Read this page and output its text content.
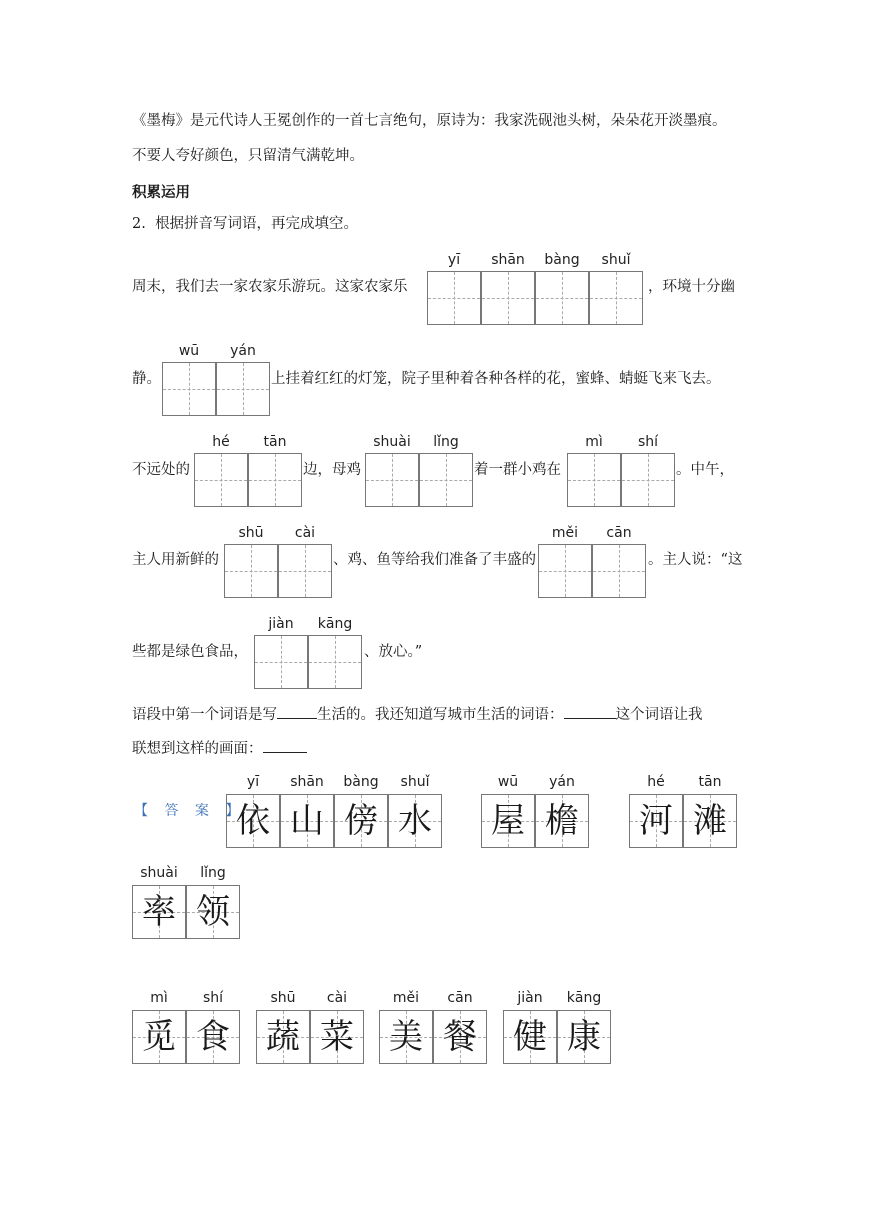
《墨梅》是元代诗人王冕创作的一首七言绝句，原诗为：我家洗砚池头树，朵朵花开淡墨痕。
不要人夸好颜色，只留清气满乾坤。
积累运用
2. 根据拼音写词语，再完成填空。
周末，我们去一家农家乐游玩。这家农家乐
yī	shān	bàng	shuǐ
，环境十分幽
静。
wū	yán
上挂着红红的灯笼，院子里种着各种各样的花，蜜蜂、蜻蜓飞来飞去。
不远处的
hé	tān
边，母鸡
shuài	lǐng
着一群小鸡在
mì	shí
。中午，
主人用新鲜的
shū	cài
、鸡、鱼等给我们准备了丰盛的
měi	cān
。主人说：“这
些都是绿色食品，
jiàn	kāng
、放心。”
语段中第一个词语是写	生活的。我还知道写城市生活的词语：	这个词语让我
联想到这样的画面：
【 答 案 】
yī	shān	bàng	shuǐ
依 山 傍 水
wū	yán
屋 檐
hé	tān
河 滩
shuài	lǐng
率 领
mì	shí
觅 食
shū	cài
蔬 菜
měi	cān
美 餐
jiàn	kāng
健 康
